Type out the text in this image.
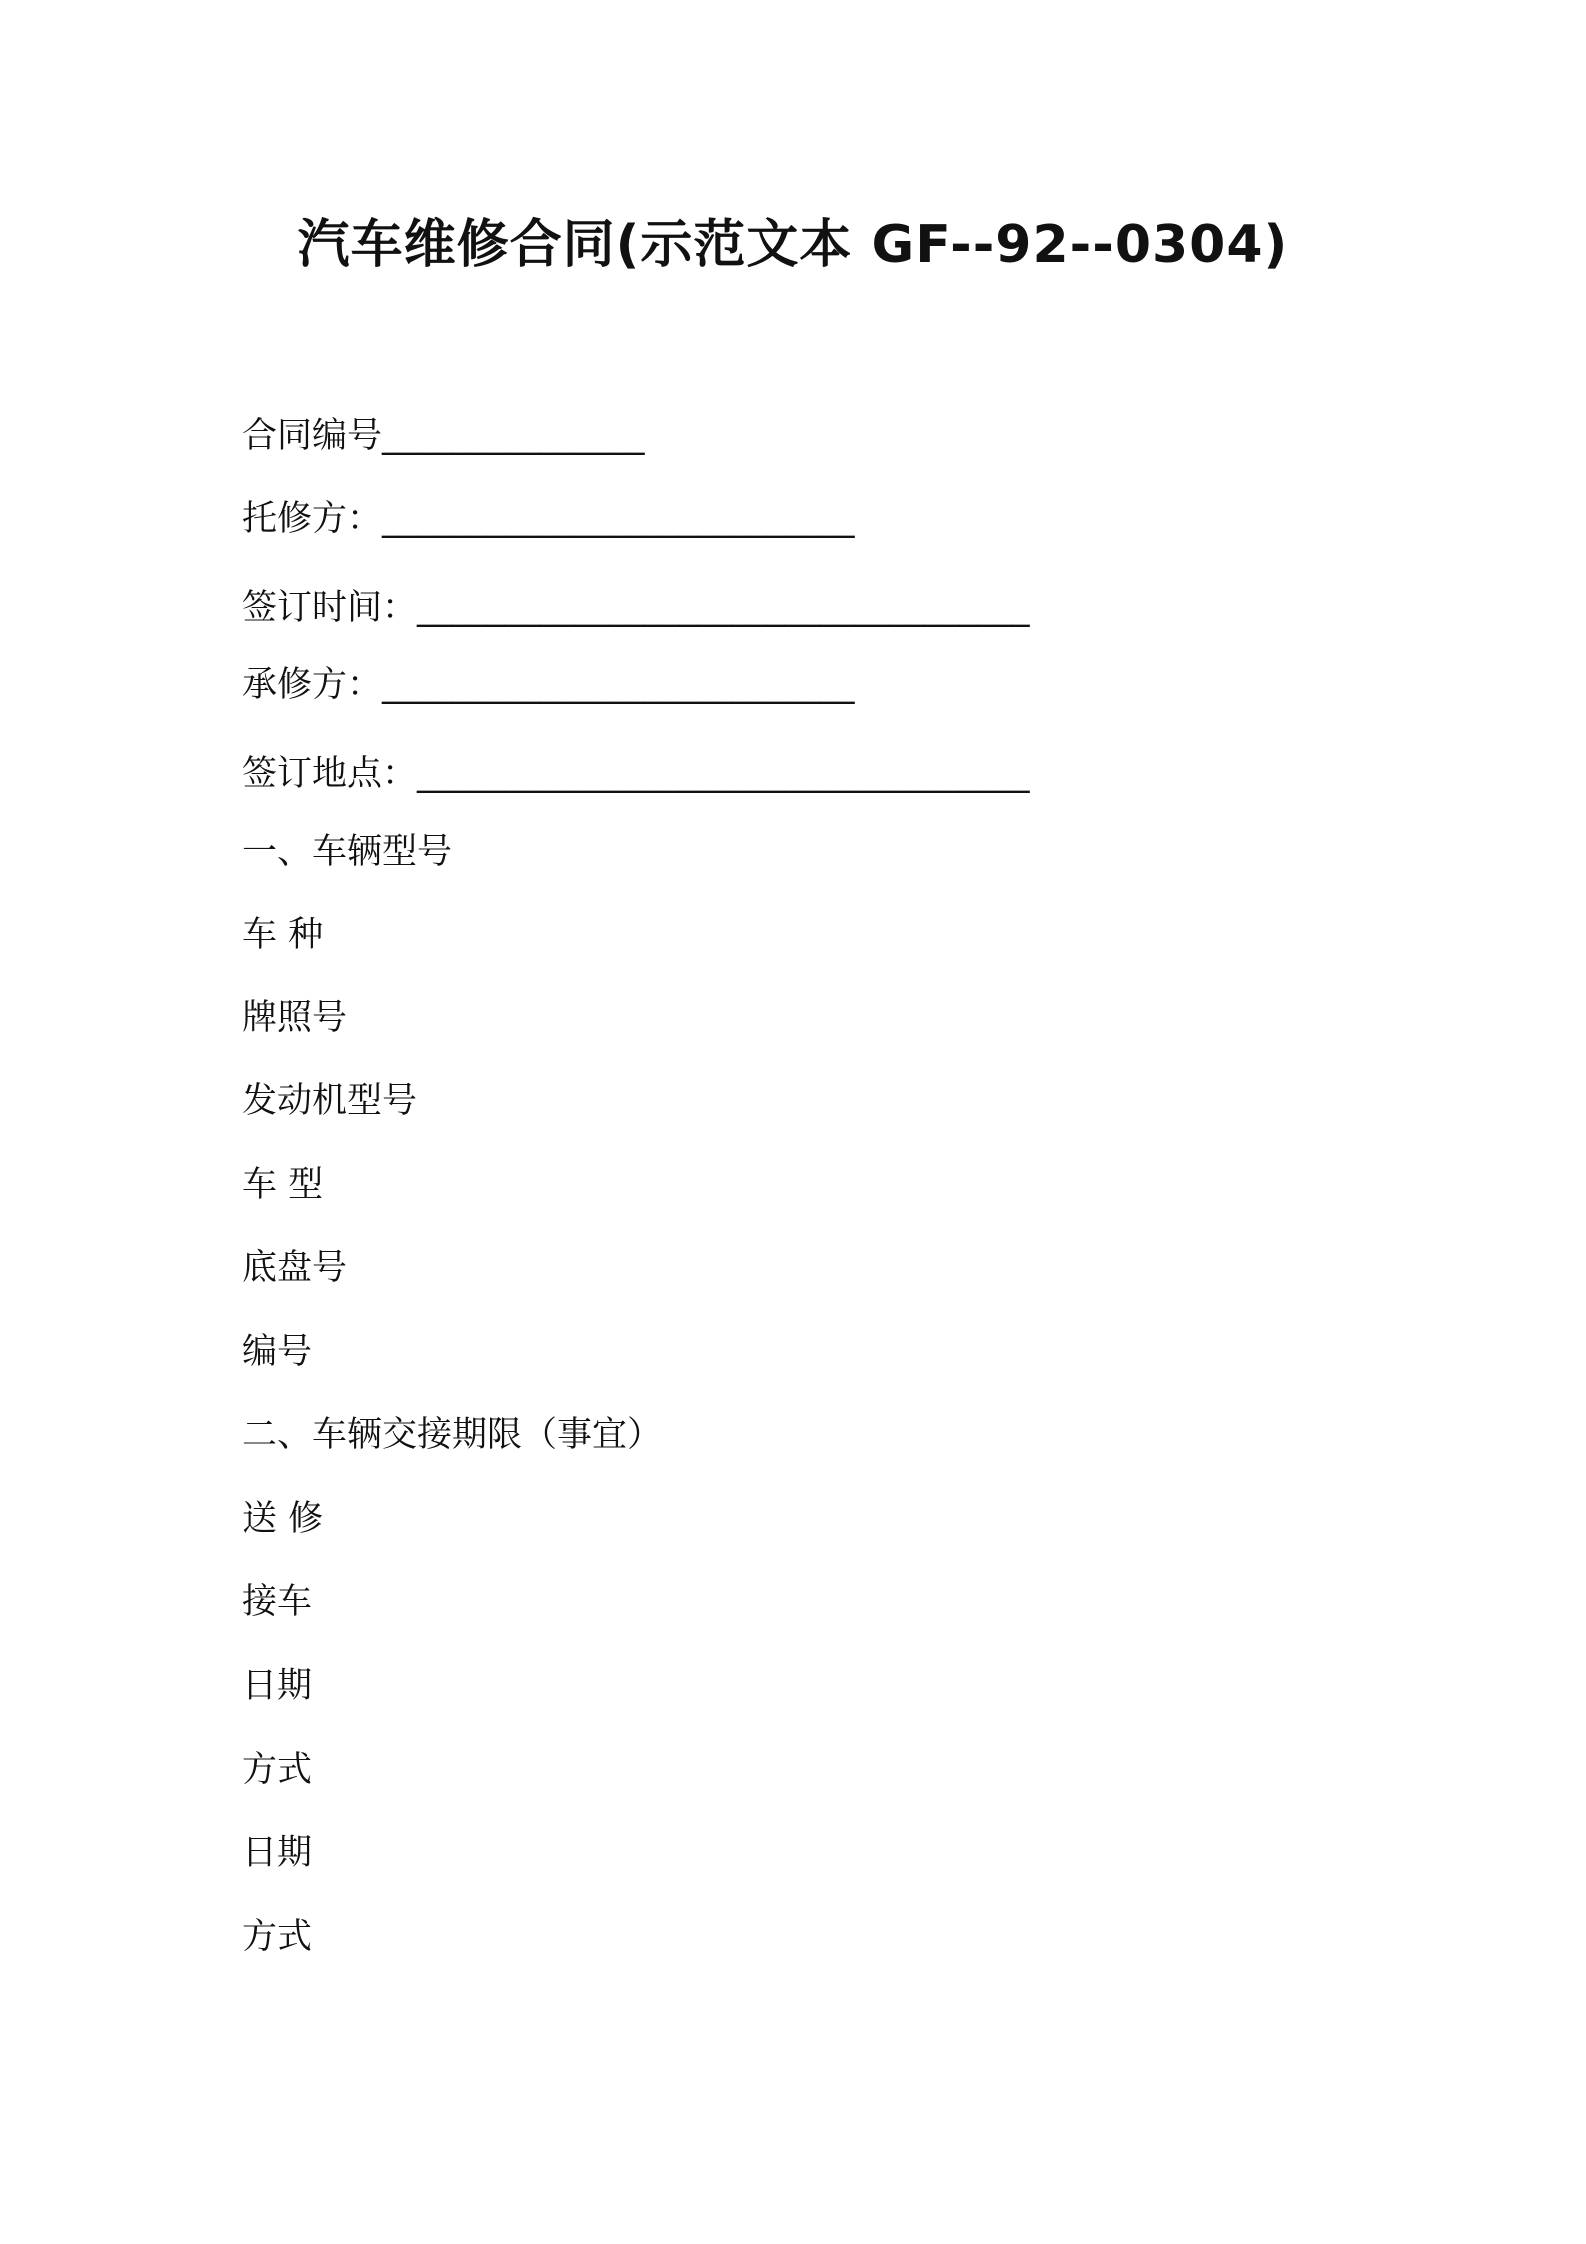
汽车维修合同(示范文本 GF--92--0304)
合同编号_______________
托修方：___________________________
签订时间：___________________________________
承修方：___________________________
签订地点：___________________________________
一、车辆型号
车 种
牌照号
发动机型号
车 型
底盘号
编号
二、车辆交接期限（事宜）
送 修
接车
日期
方式
日期
方式
